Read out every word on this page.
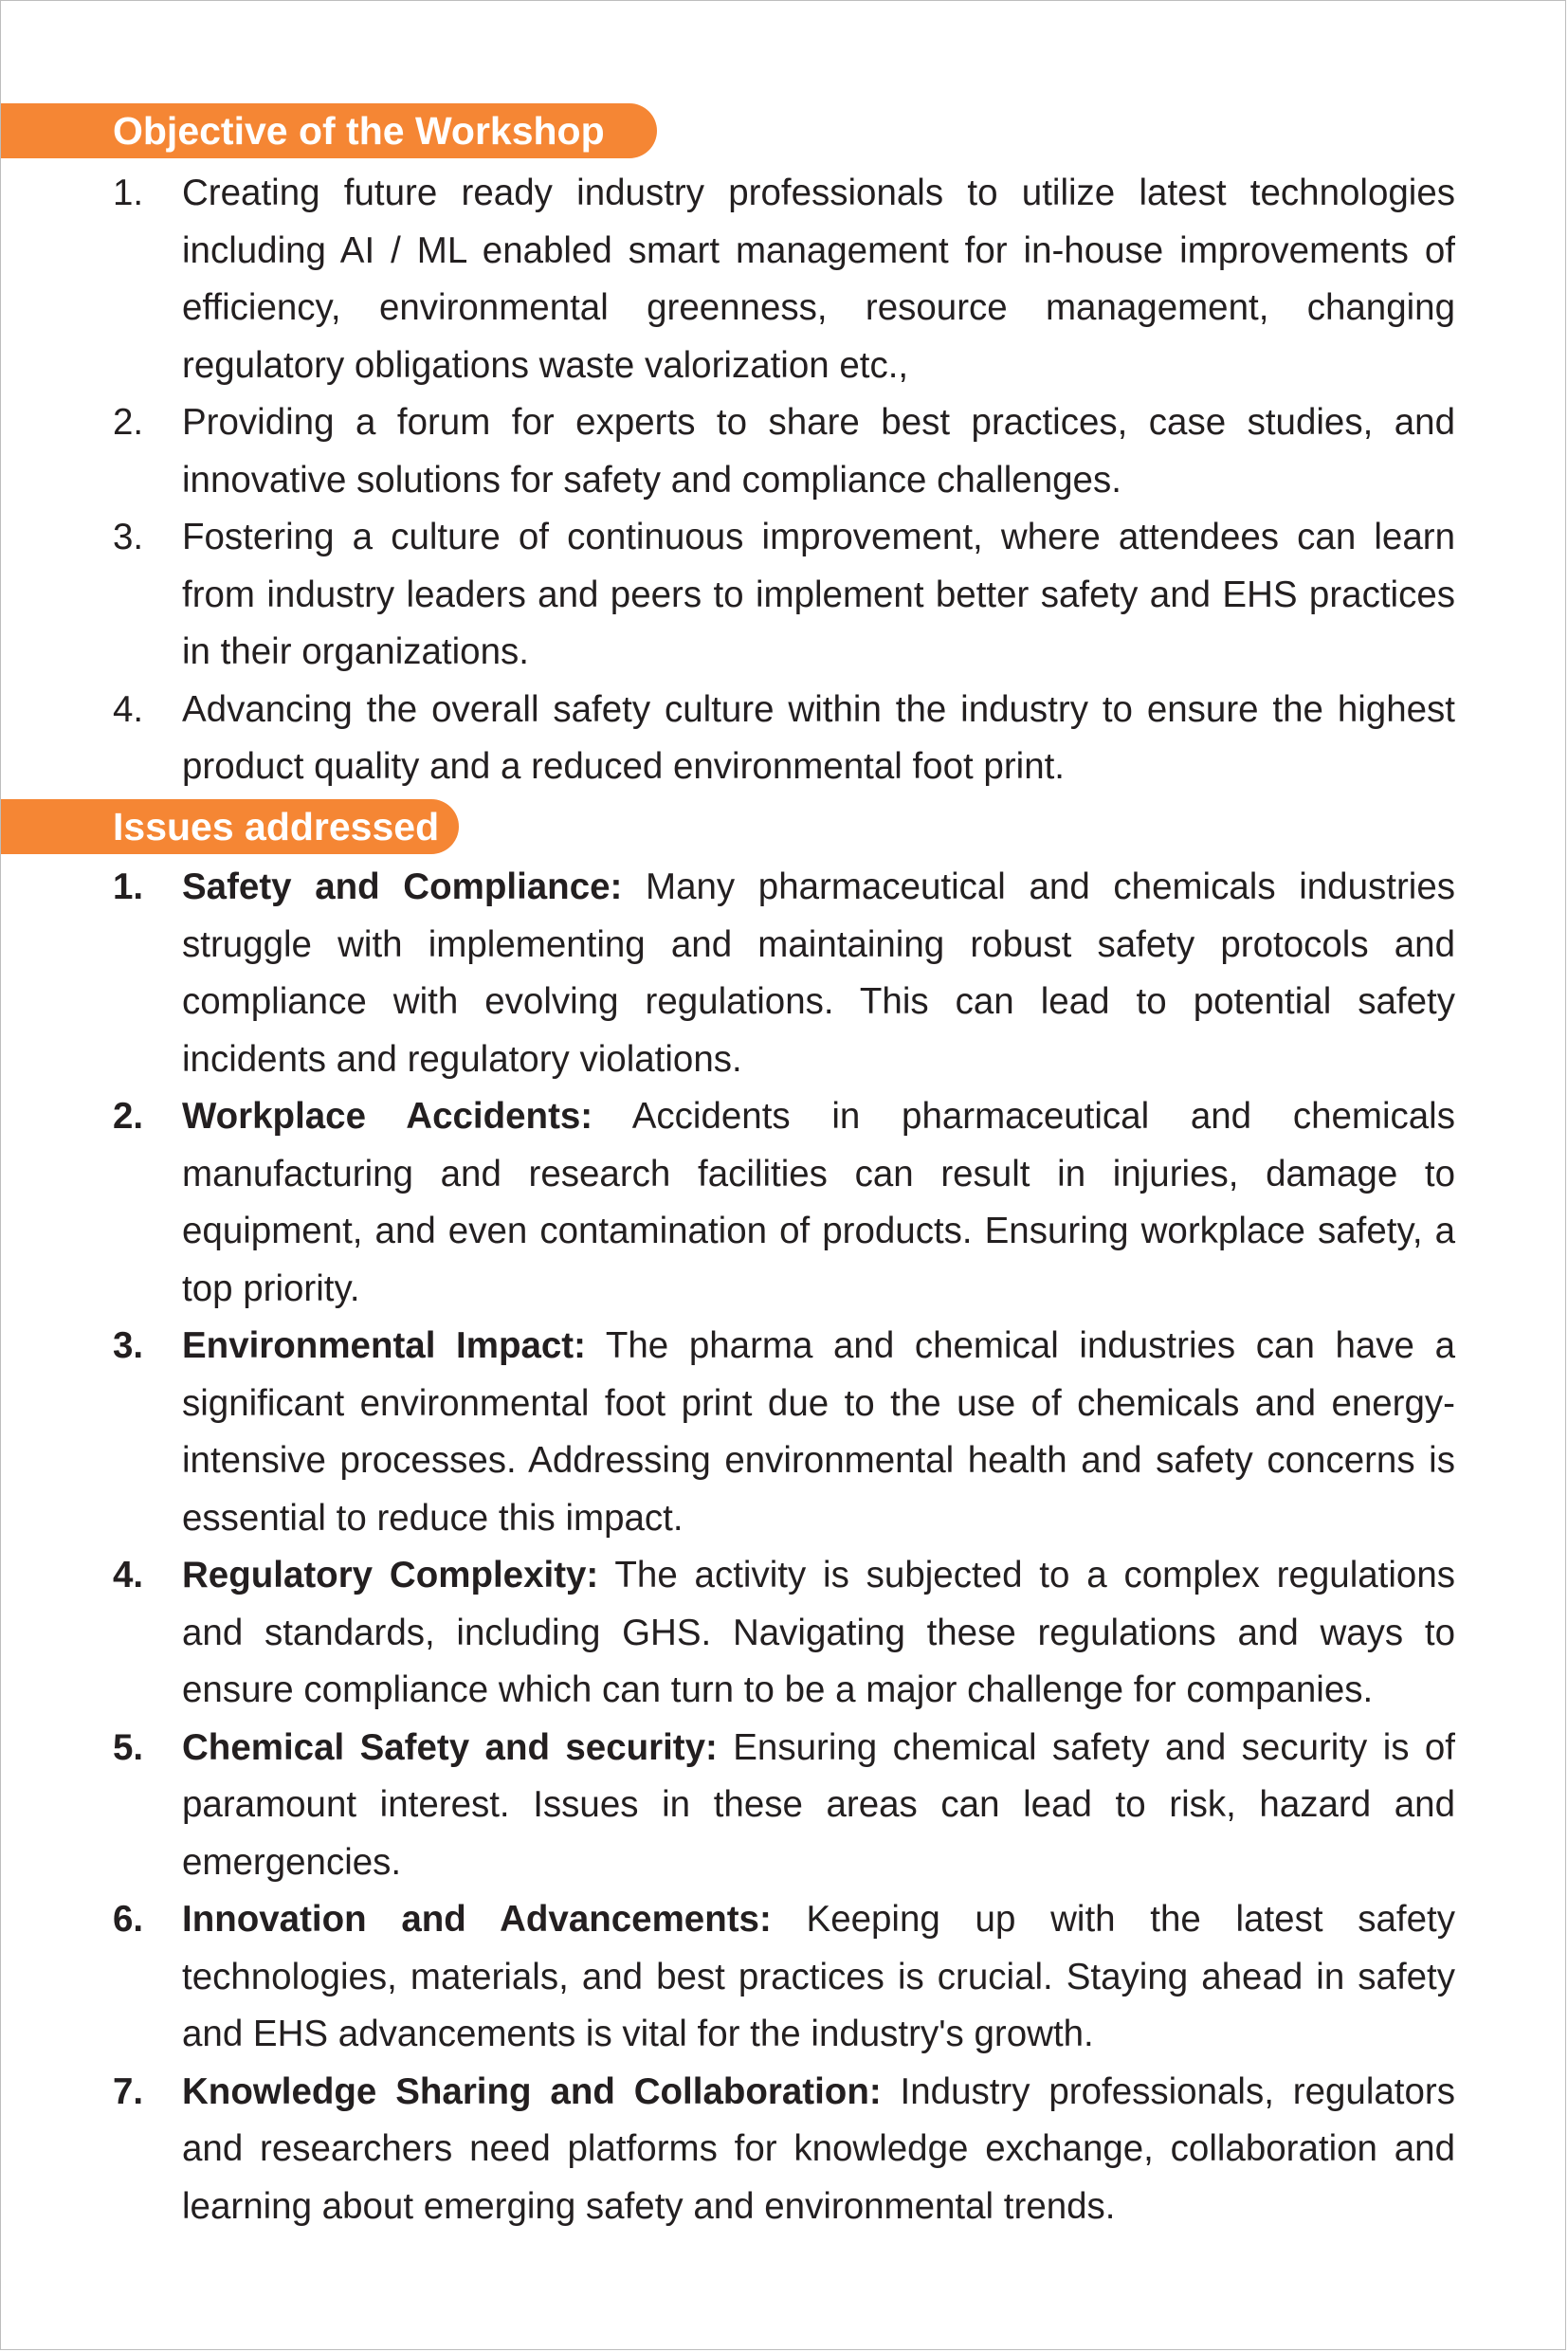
Objective of the Workshop
1. Creating future ready industry professionals to utilize latest technologies including AI / ML enabled smart management for in-house improvements of efficiency, environmental greenness, resource management, changing regulatory obligations waste valorization etc.,
2. Providing a forum for experts to share best practices, case studies, and innovative solutions for safety and compliance challenges.
3. Fostering a culture of continuous improvement, where attendees can learn from industry leaders and peers to implement better safety and EHS practices in their organizations.
4. Advancing the overall safety culture within the industry to ensure the highest product quality and a reduced environmental foot print.
Issues addressed
1. Safety and Compliance: Many pharmaceutical and chemicals industries struggle with implementing and maintaining robust safety protocols and compliance with evolving regulations. This can lead to potential safety incidents and regulatory violations.
2. Workplace Accidents: Accidents in pharmaceutical and chemicals manufacturing and research facilities can result in injuries, damage to equipment, and even contamination of products. Ensuring workplace safety, a top priority.
3. Environmental Impact: The pharma and chemical industries can have a significant environmental foot print due to the use of chemicals and energy-intensive processes. Addressing environmental health and safety concerns is essential to reduce this impact.
4. Regulatory Complexity: The activity is subjected to a complex regulations and standards, including GHS. Navigating these regulations and ways to ensure compliance which can turn to be a major challenge for companies.
5. Chemical Safety and security: Ensuring chemical safety and security is of paramount interest. Issues in these areas can lead to risk, hazard and emergencies.
6. Innovation and Advancements: Keeping up with the latest safety technologies, materials, and best practices is crucial. Staying ahead in safety and EHS advancements is vital for the industry's growth.
7. Knowledge Sharing and Collaboration: Industry professionals, regulators and researchers need platforms for knowledge exchange, collaboration and learning about emerging safety and environmental trends.
